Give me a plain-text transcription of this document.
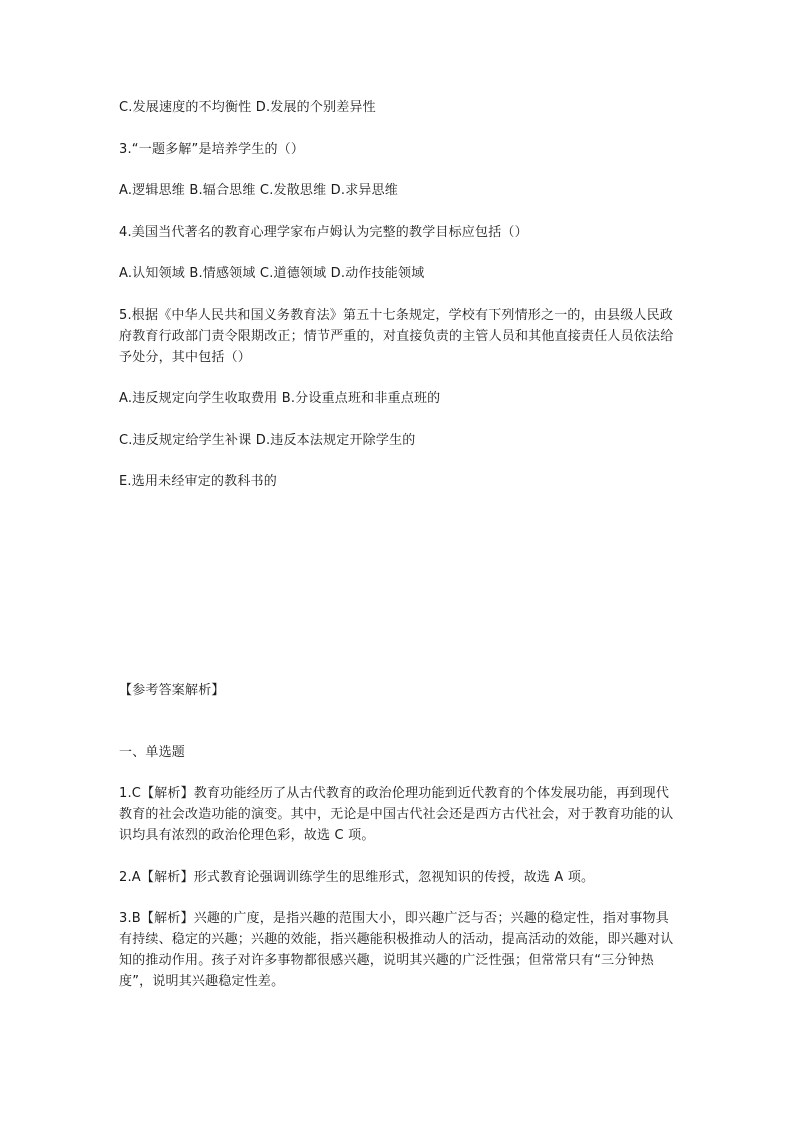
C.发展速度的不均衡性 D.发展的个别差异性
3.“一题多解”是培养学生的（）
A.逻辑思维 B.辐合思维 C.发散思维 D.求异思维
4.美国当代著名的教育心理学家布卢姆认为完整的教学目标应包括（）
A.认知领域 B.情感领域 C.道德领域 D.动作技能领域
5.根据《中华人民共和国义务教育法》第五十七条规定，学校有下列情形之一的，由县级人民政府教育行政部门责令限期改正；情节严重的，对直接负责的主管人员和其他直接责任人员依法给予处分，其中包括（）
A.违反规定向学生收取费用 B.分设重点班和非重点班的
C.违反规定给学生补课 D.违反本法规定开除学生的
E.选用未经审定的教科书的
【参考答案解析】
一、单选题
1.C【解析】教育功能经历了从古代教育的政治伦理功能到近代教育的个体发展功能，再到现代教育的社会改造功能的演变。其中，无论是中国古代社会还是西方古代社会，对于教育功能的认识均具有浓烈的政治伦理色彩，故选 C 项。
2.A【解析】形式教育论强调训练学生的思维形式，忽视知识的传授，故选 A 项。
3.B【解析】兴趣的广度，是指兴趣的范围大小，即兴趣广泛与否；兴趣的稳定性，指对事物具有持续、稳定的兴趣；兴趣的效能，指兴趣能积极推动人的活动，提高活动的效能，即兴趣对认知的推动作用。孩子对许多事物都很感兴趣，说明其兴趣的广泛性强；但常常只有“三分钟热度”，说明其兴趣稳定性差。
